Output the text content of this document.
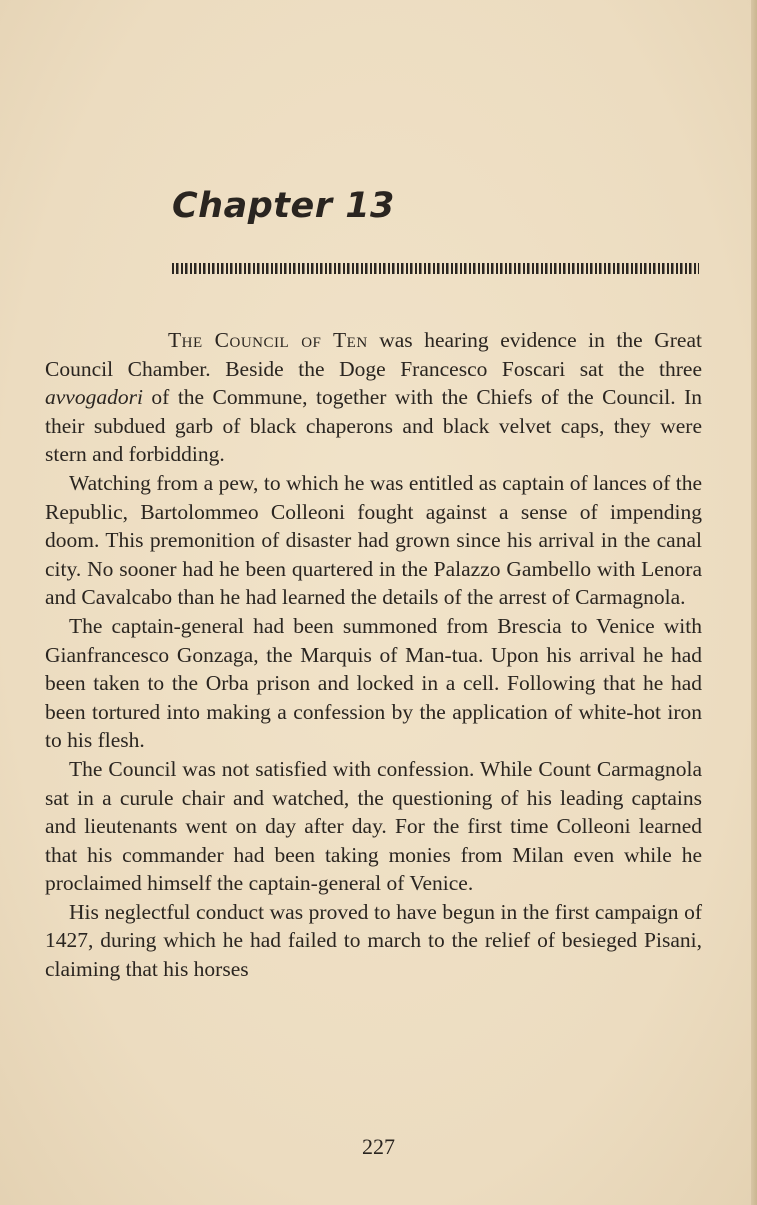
Chapter 13

The Council of Ten was hearing evidence in the Great Council Chamber. Beside the Doge Francesco Foscari sat the three avvogadori of the Commune, together with the Chiefs of the Council. In their subdued garb of black chaperons and black velvet caps, they were stern and forbidding.

Watching from a pew, to which he was entitled as captain of lances of the Republic, Bartolommeo Colleoni fought against a sense of impending doom. This premonition of disaster had grown since his arrival in the canal city. No sooner had he been quartered in the Palazzo Gambello with Lenora and Cavalcabo than he had learned the details of the arrest of Carmagnola.

The captain-general had been summoned from Brescia to Venice with Gianfrancesco Gonzaga, the Marquis of Man-tua. Upon his arrival he had been taken to the Orba prison and locked in a cell. Following that he had been tortured into making a confession by the application of white-hot iron to his flesh.

The Council was not satisfied with confession. While Count Carmagnola sat in a curule chair and watched, the questioning of his leading captains and lieutenants went on day after day. For the first time Colleoni learned that his commander had been taking monies from Milan even while he proclaimed himself the captain-general of Venice.

His neglectful conduct was proved to have begun in the first campaign of 1427, during which he had failed to march to the relief of besieged Pisani, claiming that his horses

227
